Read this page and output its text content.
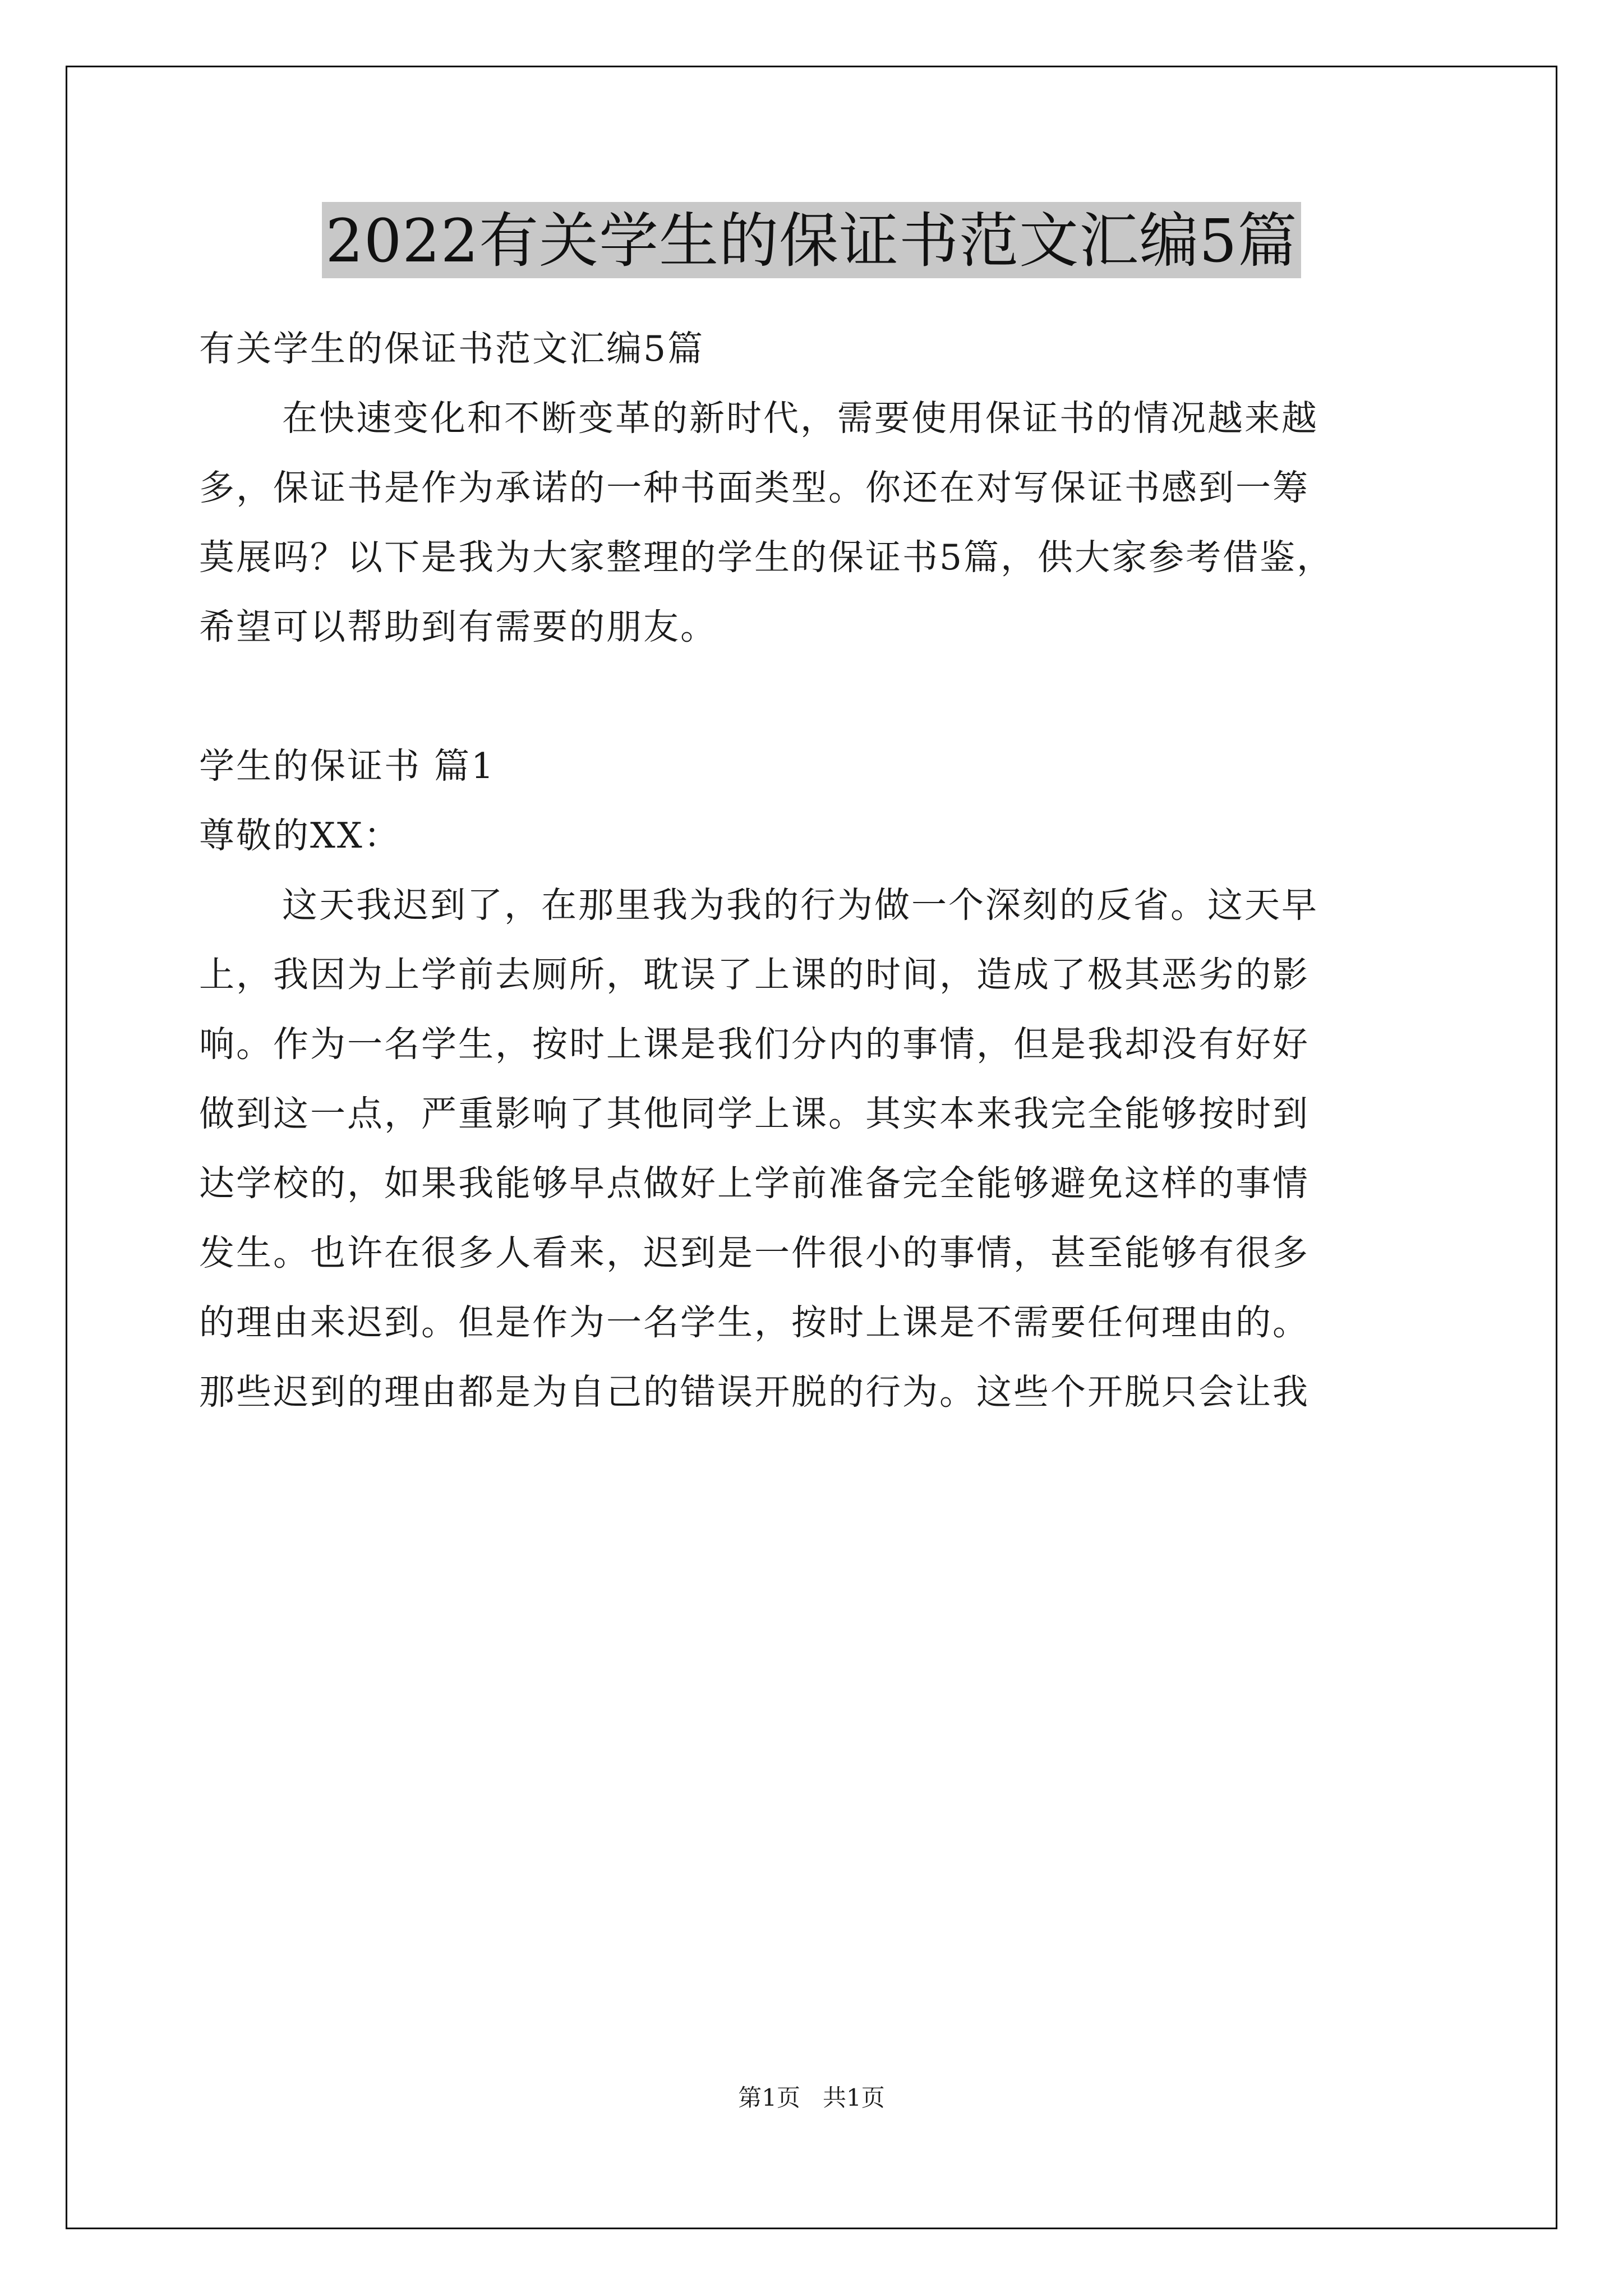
2022有关学生的保证书范文汇编5篇
有关学生的保证书范文汇编5篇
在快速变化和不断变革的新时代，需要使用保证书的情况越来越
多，保证书是作为承诺的一种书面类型。你还在对写保证书感到一筹
莫展吗？以下是我为大家整理的学生的保证书5篇，供大家参考借鉴，
希望可以帮助到有需要的朋友。
学生的保证书 篇1
尊敬的XX：
这天我迟到了，在那里我为我的行为做一个深刻的反省。这天早
上，我因为上学前去厕所，耽误了上课的时间，造成了极其恶劣的影
响。作为一名学生，按时上课是我们分内的事情，但是我却没有好好
做到这一点，严重影响了其他同学上课。其实本来我完全能够按时到
达学校的，如果我能够早点做好上学前准备完全能够避免这样的事情
发生。也许在很多人看来，迟到是一件很小的事情，甚至能够有很多
的理由来迟到。但是作为一名学生，按时上课是不需要任何理由的。
那些迟到的理由都是为自己的错误开脱的行为。这些个开脱只会让我
第1页   共1页
